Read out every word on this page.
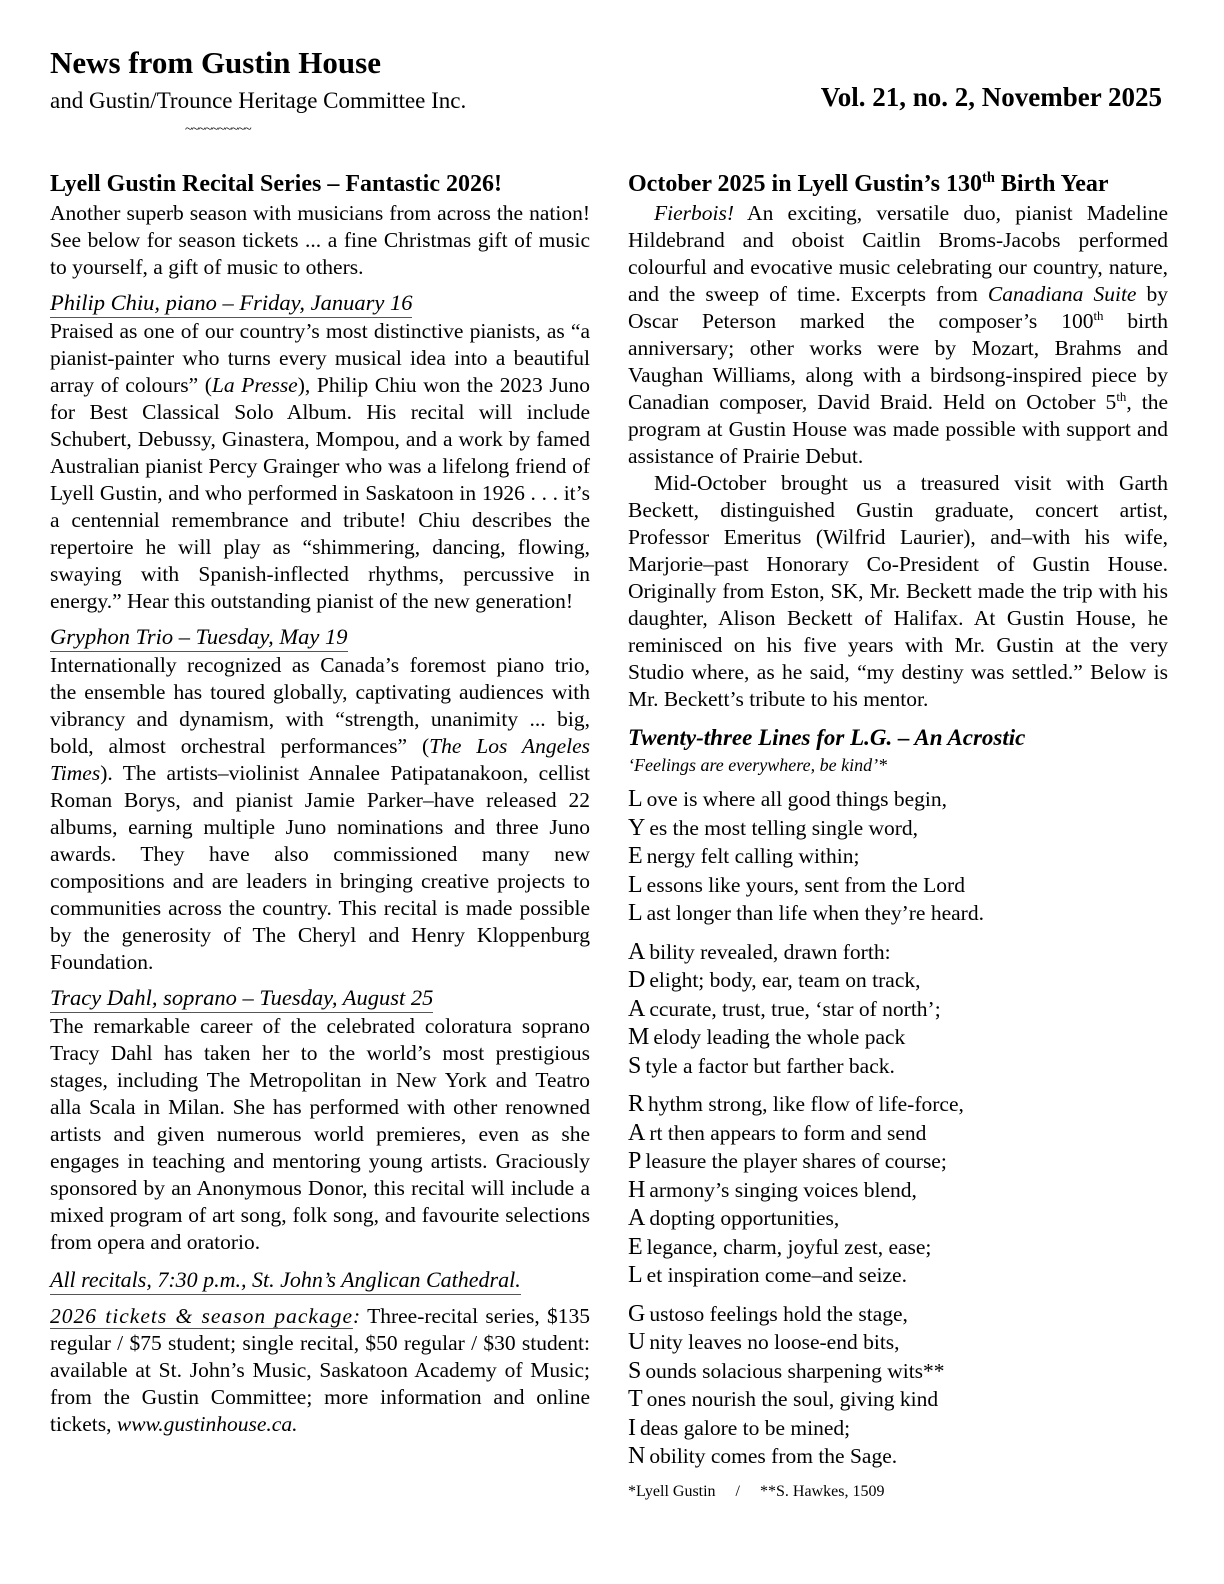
News from Gustin House
and Gustin/Trounce Heritage Committee Inc.	Vol. 21, no. 2, November 2025
~~~~~~~~~~
Lyell Gustin Recital Series – Fantastic 2026!

Another superb season with musicians from across the nation! See below for season tickets ... a fine Christmas gift of music to yourself, a gift of music to others.

Philip Chiu, piano – Friday, January 16

Praised as one of our country’s most distinctive pianists, as “a pianist-painter who turns every musical idea into a beautiful array of colours” (La Presse), Philip Chiu won the 2023 Juno for Best Classical Solo Album. His recital will include Schubert, Debussy, Ginastera, Mompou, and a work by famed Australian pianist Percy Grainger who was a lifelong friend of Lyell Gustin, and who performed in Saskatoon in 1926 . . . it’s a centennial remembrance and tribute! Chiu describes the repertoire he will play as “shimmering, dancing, flowing, swaying with Spanish-inflected rhythms, percussive in energy.” Hear this outstanding pianist of the new generation!

Gryphon Trio – Tuesday, May 19

Internationally recognized as Canada’s foremost piano trio, the ensemble has toured globally, captivating audiences with vibrancy and dynamism, with “strength, unanimity ... big, bold, almost orchestral performances” (The Los Angeles Times). The artists–violinist Annalee Patipatanakoon, cellist Roman Borys, and pianist Jamie Parker–have released 22 albums, earning multiple Juno nominations and three Juno awards. They have also commissioned many new compositions and are leaders in bringing creative projects to communities across the country. This recital is made possible by the generosity of The Cheryl and Henry Kloppenburg Foundation.

Tracy Dahl, soprano – Tuesday, August 25

The remarkable career of the celebrated coloratura soprano Tracy Dahl has taken her to the world’s most prestigious stages, including The Metropolitan in New York and Teatro alla Scala in Milan. She has performed with other renowned artists and given numerous world premieres, even as she engages in teaching and mentoring young artists. Graciously sponsored by an Anonymous Donor, this recital will include a mixed program of art song, folk song, and favourite selections from opera and oratorio.

All recitals, 7:30 p.m., St. John’s Anglican Cathedral.

2026 tickets & season package: Three-recital series, $135 regular / $75 student; single recital, $50 regular / $30 student: available at St. John’s Music, Saskatoon Academy of Music; from the Gustin Committee; more information and online tickets, www.gustinhouse.ca.

October 2025 in Lyell Gustin’s 130th Birth Year

Fierbois! An exciting, versatile duo, pianist Madeline Hildebrand and oboist Caitlin Broms-Jacobs performed colourful and evocative music celebrating our country, nature, and the sweep of time. Excerpts from Canadiana Suite by Oscar Peterson marked the composer’s 100th birth anniversary; other works were by Mozart, Brahms and Vaughan Williams, along with a birdsong-inspired piece by Canadian composer, David Braid. Held on October 5th, the program at Gustin House was made possible with support and assistance of Prairie Debut.

Mid-October brought us a treasured visit with Garth Beckett, distinguished Gustin graduate, concert artist, Professor Emeritus (Wilfrid Laurier), and–with his wife, Marjorie–past Honorary Co-President of Gustin House. Originally from Eston, SK, Mr. Beckett made the trip with his daughter, Alison Beckett of Halifax. At Gustin House, he reminisced on his five years with Mr. Gustin at the very Studio where, as he said, “my destiny was settled.” Below is Mr. Beckett’s tribute to his mentor.

Twenty-three Lines for L.G. – An Acrostic
‘Feelings are everywhere, be kind’*
L ove is where all good things begin,
Y es the most telling single word,
E nergy felt calling within;
L essons like yours, sent from the Lord
L ast longer than life when they’re heard.
A bility revealed, drawn forth:
D elight; body, ear, team on track,
A ccurate, trust, true, ‘star of north’;
M elody leading the whole pack
S tyle a factor but farther back.
R hythm strong, like flow of life-force,
A rt then appears to form and send
P leasure the player shares of course;
H armony’s singing voices blend,
A dopting opportunities,
E legance, charm, joyful zest, ease;
L et inspiration come–and seize.
G ustoso feelings hold the stage,
U nity leaves no loose-end bits,
S ounds solacious sharpening wits**
T ones nourish the soul, giving kind
I deas galore to be mined;
N obility comes from the Sage.
*Lyell Gustin     /     **S. Hawkes, 1509
